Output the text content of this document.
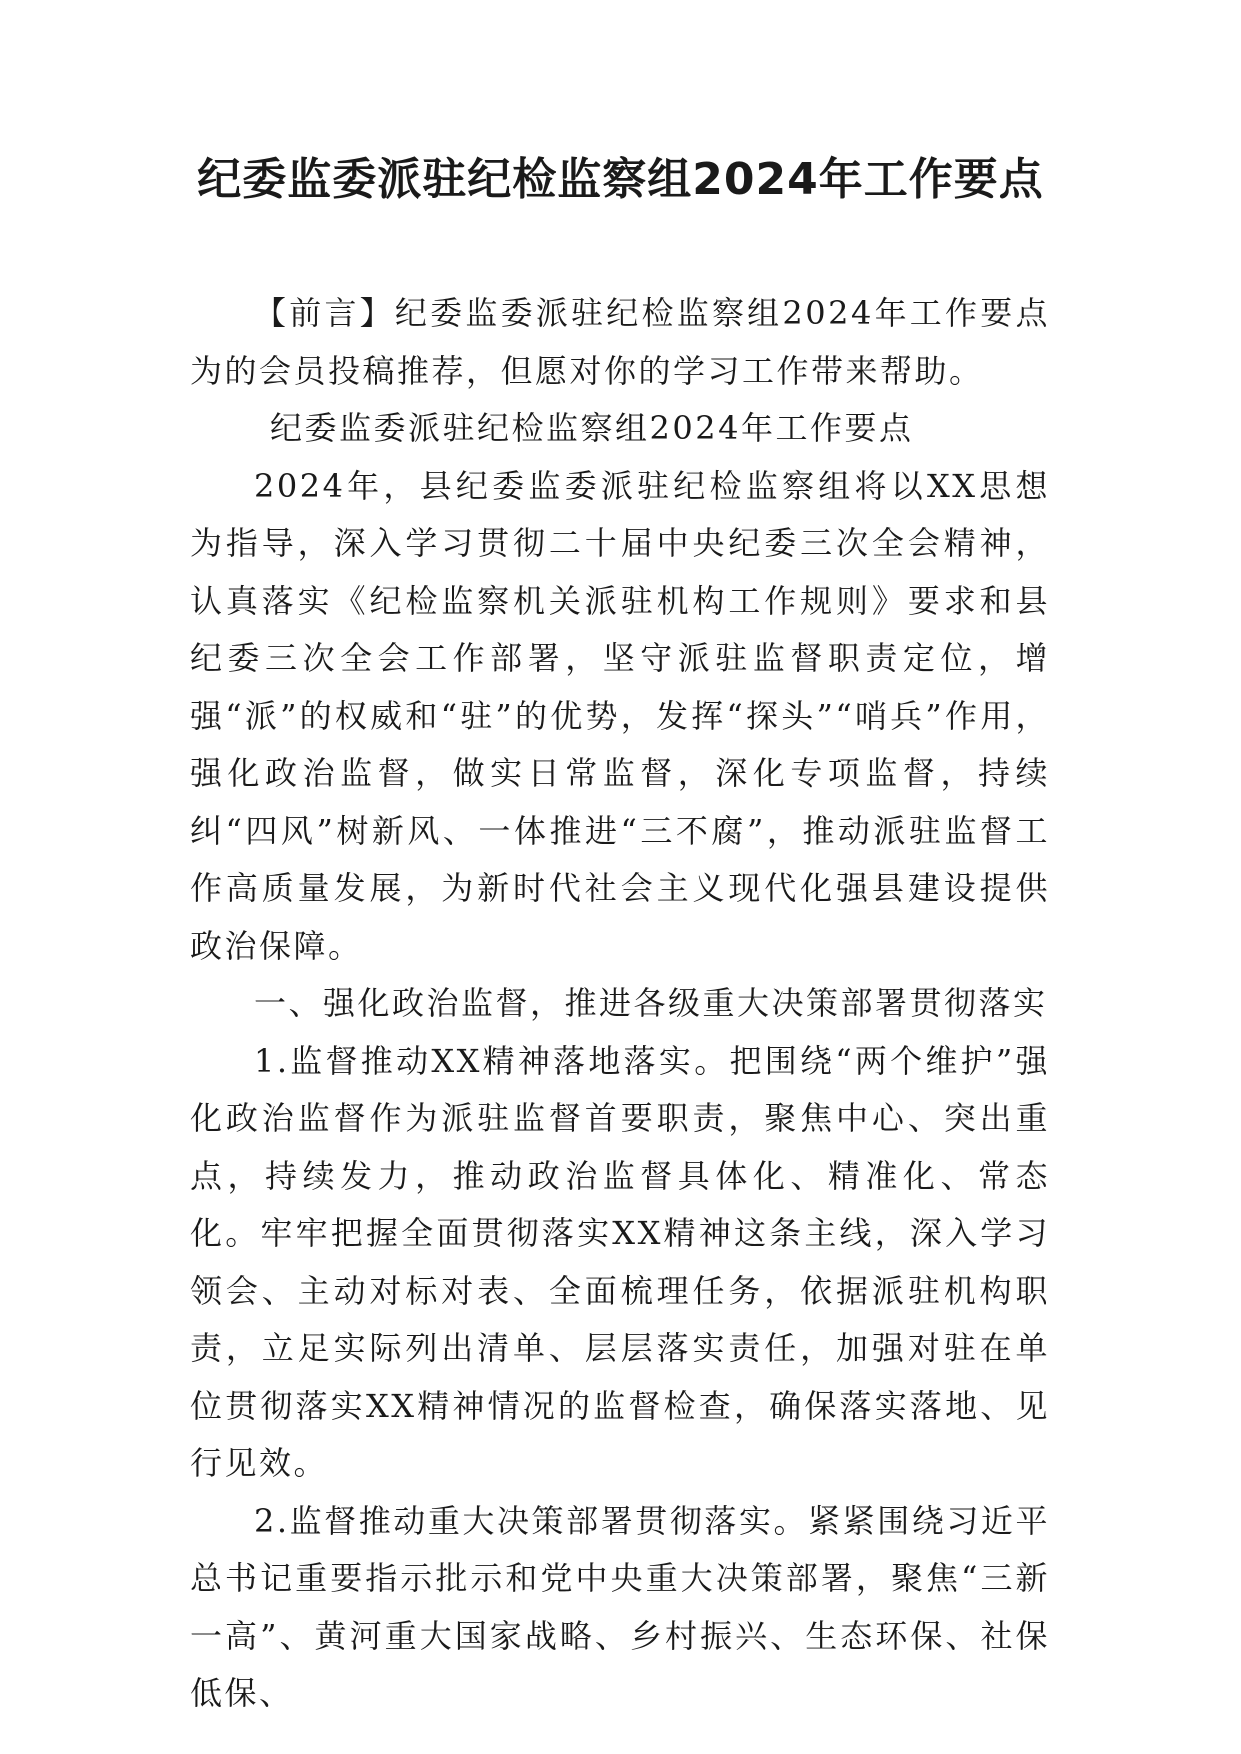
纪委监委派驻纪检监察组2024年工作要点

【前言】纪委监委派驻纪检监察组2024年工作要点为的会员投稿推荐，但愿对你的学习工作带来帮助。

纪委监委派驻纪检监察组2024年工作要点

2024年，县纪委监委派驻纪检监察组将以XX思想为指导，深入学习贯彻二十届中央纪委三次全会精神，认真落实《纪检监察机关派驻机构工作规则》要求和县纪委三次全会工作部署，坚守派驻监督职责定位，增强“派”的权威和“驻”的优势，发挥“探头”“哨兵”作用，强化政治监督，做实日常监督，深化专项监督，持续纠“四风”树新风、一体推进“三不腐”，推动派驻监督工作高质量发展，为新时代社会主义现代化强县建设提供政治保障。

一、强化政治监督，推进各级重大决策部署贯彻落实

1.监督推动XX精神落地落实。把围绕“两个维护”强化政治监督作为派驻监督首要职责，聚焦中心、突出重点，持续发力，推动政治监督具体化、精准化、常态化。牢牢把握全面贯彻落实XX精神这条主线，深入学习领会、主动对标对表、全面梳理任务，依据派驻机构职责，立足实际列出清单、层层落实责任，加强对驻在单位贯彻落实XX精神情况的监督检查，确保落实落地、见行见效。

2.监督推动重大决策部署贯彻落实。紧紧围绕习近平总书记重要指示批示和党中央重大决策部署，聚焦“三新一高”、黄河重大国家战略、乡村振兴、生态环保、社保低保、
